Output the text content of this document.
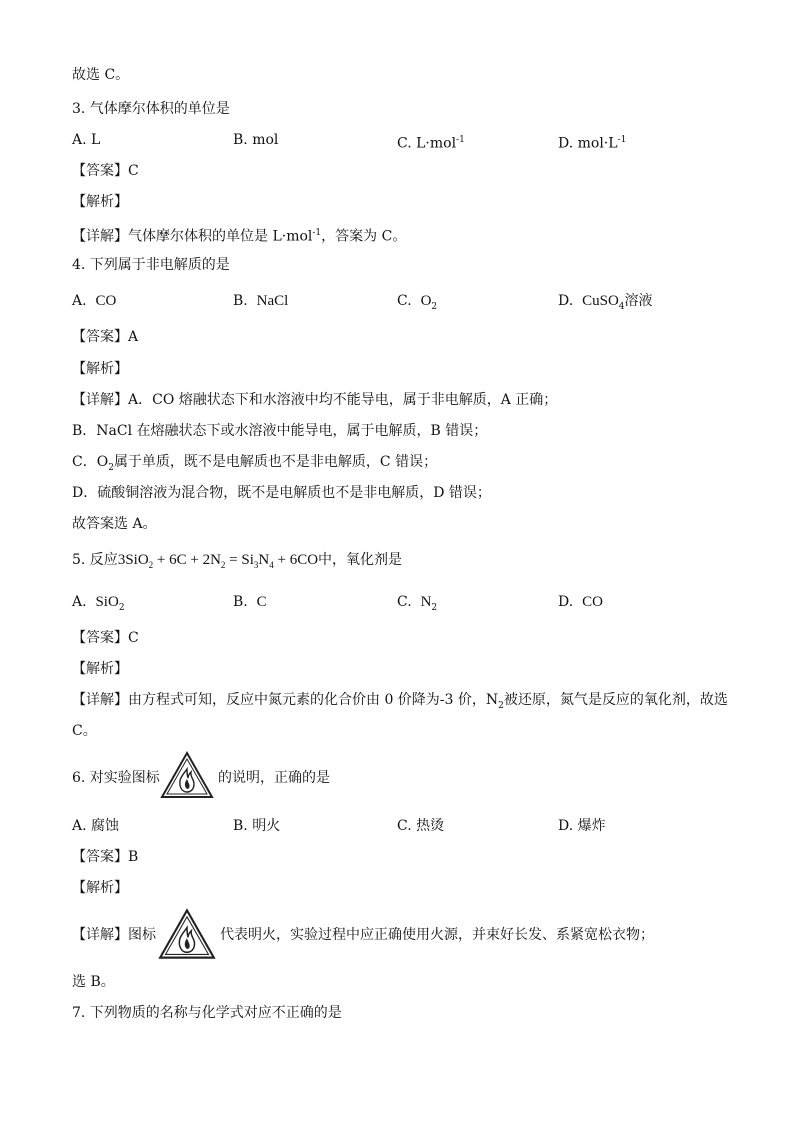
故选 C。
3. 气体摩尔体积的单位是
A. L	B. mol	C. L·mol$^{-1}$	D. $mol\cdot L^{-1}$
【答案】C
【解析】
【详解】气体摩尔体积的单位是 L·mol$^{-1}$，答案为 C。
4. 下列属于非电解质的是
A. CO	B. NaCl	C. $O_2$	D. CuSO$_4$溶液
【答案】A
【解析】
【详解】A．CO 熔融状态下和水溶液中均不能导电，属于非电解质，A 正确；
B．NaCl 在熔融状态下或水溶液中能导电，属于电解质，B 错误；
C．$O_2$属于单质，既不是电解质也不是非电解质，C 错误；
D．硫酸铜溶液为混合物，既不是电解质也不是非电解质，D 错误；
故答案选 A。
5. 反应$3SiO_2 + 6C + 2N_2 = Si_3N_4 + 6CO$中，氧化剂是
A. SiO$_2$	B. C	C. $N_2$	D. CO
【答案】C
【解析】
【详解】由方程式可知，反应中氮元素的化合价由 0 价降为-3 价，$N_2$被还原，氮气是反应的氧化剂，故选
C。
6. 对实验图标	的说明，正确的是
A. 腐蚀	B. 明火	C. 热烫	D. 爆炸
【答案】B
【解析】
【详解】图标	代表明火，实验过程中应正确使用火源，并束好长发、系紧宽松衣物；
选 B。
7. 下列物质的名称与化学式对应不正确的是
